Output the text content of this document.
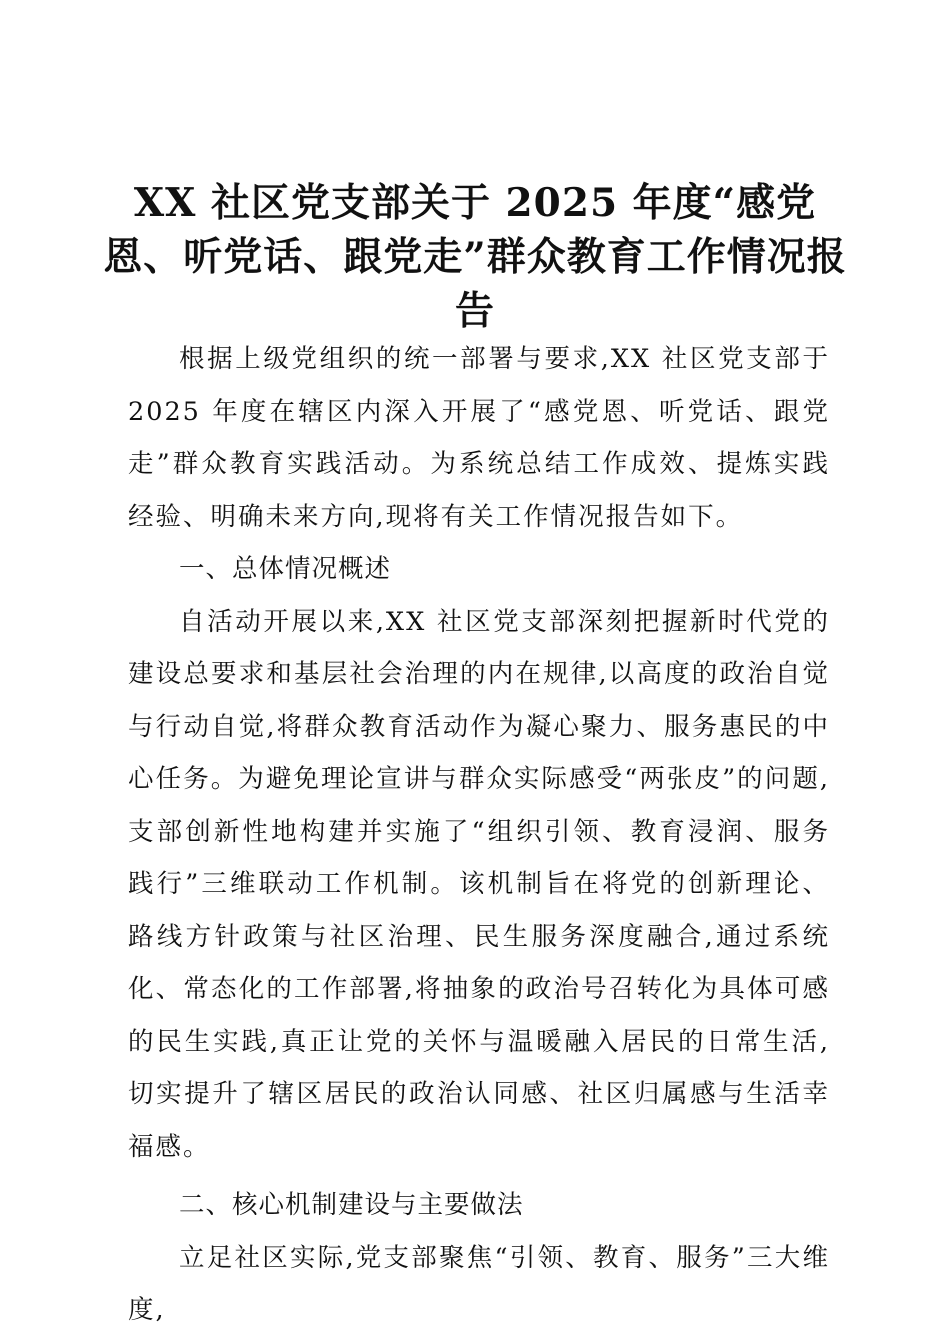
XX 社区党支部关于 2025 年度“感党恩、听党话、跟党走”群众教育工作情况报告

根据上级党组织的统一部署与要求,XX 社区党支部于 2025 年度在辖区内深入开展了“感党恩、听党话、跟党走”群众教育实践活动。为系统总结工作成效、提炼实践经验、明确未来方向,现将有关工作情况报告如下。

一、总体情况概述

自活动开展以来,XX 社区党支部深刻把握新时代党的建设总要求和基层社会治理的内在规律,以高度的政治自觉与行动自觉,将群众教育活动作为凝心聚力、服务惠民的中心任务。为避免理论宣讲与群众实际感受“两张皮”的问题,支部创新性地构建并实施了“组织引领、教育浸润、服务践行”三维联动工作机制。该机制旨在将党的创新理论、路线方针政策与社区治理、民生服务深度融合,通过系统化、常态化的工作部署,将抽象的政治号召转化为具体可感的民生实践,真正让党的关怀与温暖融入居民的日常生活,切实提升了辖区居民的政治认同感、社区归属感与生活幸福感。

二、核心机制建设与主要做法

立足社区实际,党支部聚焦“引领、教育、服务”三大维度,
